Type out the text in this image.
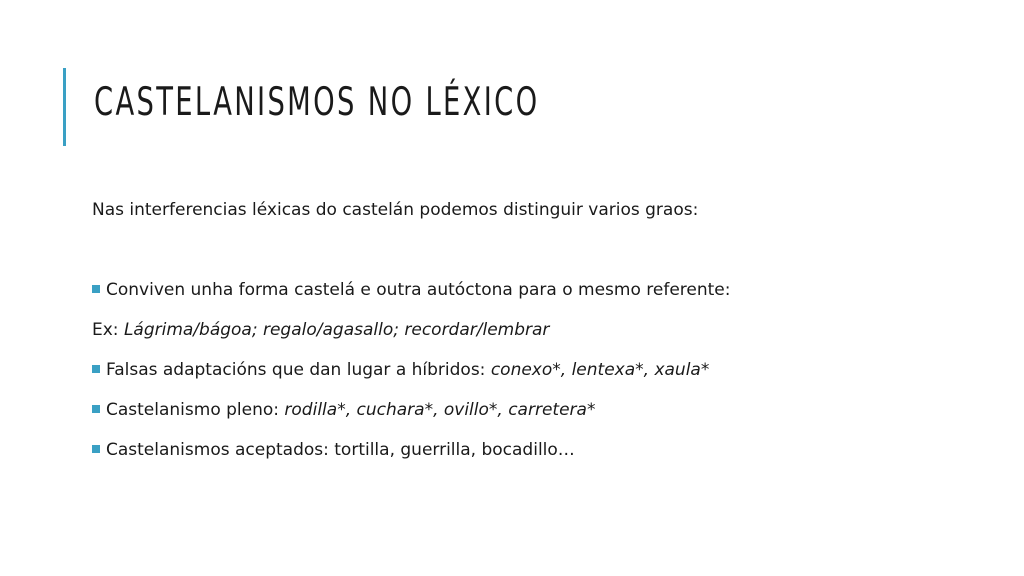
CASTELANISMOS NO LÉXICO
Nas interferencias léxicas do castelán podemos distinguir varios graos:
Conviven unha forma castelá e outra autóctona para o mesmo referente:
Ex: Lágrima/bágoa; regalo/agasallo; recordar/lembrar
Falsas adaptacións que dan lugar a híbridos: conexo*, lentexa*, xaula*
Castelanismo pleno: rodilla*, cuchara*, ovillo*, carretera*
Castelanismos aceptados: tortilla, guerrilla, bocadillo…
